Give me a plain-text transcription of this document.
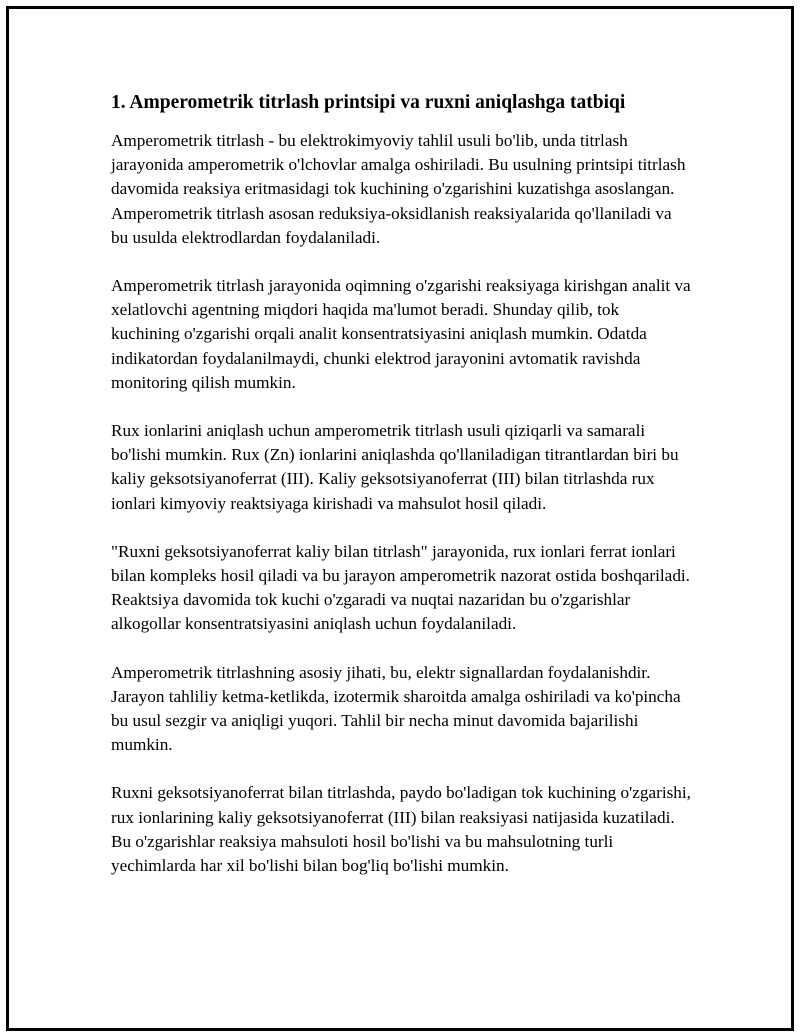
1. Amperometrik titrlash printsipi va ruxni aniqlashga tatbiqi

Amperometrik titrlash - bu elektrokimyoviy tahlil usuli bo'lib, unda titrlash jarayonida amperometrik o'lchovlar amalga oshiriladi. Bu usulning printsipi titrlash davomida reaksiya eritmasidagi tok kuchining o'zgarishini kuzatishga asoslangan. Amperometrik titrlash asosan reduksiya-oksidlanish reaksiyalarida qo'llaniladi va bu usulda elektrodlardan foydalaniladi.

Amperometrik titrlash jarayonida oqimning o'zgarishi reaksiyaga kirishgan analit va xelatlovchi agentning miqdori haqida ma'lumot beradi. Shunday qilib, tok kuchining o'zgarishi orqali analit konsentratsiyasini aniqlash mumkin. Odatda indikatordan foydalanilmaydi, chunki elektrod jarayonini avtomatik ravishda monitoring qilish mumkin.

Rux ionlarini aniqlash uchun amperometrik titrlash usuli qiziqarli va samarali bo'lishi mumkin. Rux (Zn) ionlarini aniqlashda qo'llaniladigan titrantlardan biri bu kaliy geksotsiyanoferrat (III). Kaliy geksotsiyanoferrat (III) bilan titrlashda rux ionlari kimyoviy reaktsiyaga kirishadi va mahsulot hosil qiladi.

"Ruxni geksotsiyanoferrat kaliy bilan titrlash" jarayonida, rux ionlari ferrat ionlari bilan kompleks hosil qiladi va bu jarayon amperometrik nazorat ostida boshqariladi. Reaktsiya davomida tok kuchi o'zgaradi va nuqtai nazaridan bu o'zgarishlar alkogollar konsentratsiyasini aniqlash uchun foydalaniladi.

Amperometrik titrlashning asosiy jihati, bu, elektr signallardan foydalanishdir. Jarayon tahliliy ketma-ketlikda, izotermik sharoitda amalga oshiriladi va ko'pincha bu usul sezgir va aniqligi yuqori. Tahlil bir necha minut davomida bajarilishi mumkin.

Ruxni geksotsiyanoferrat bilan titrlashda, paydo bo'ladigan tok kuchining o'zgarishi, rux ionlarining kaliy geksotsiyanoferrat (III) bilan reaksiyasi natijasida kuzatiladi. Bu o'zgarishlar reaksiya mahsuloti hosil bo'lishi va bu mahsulotning turli yechimlarda har xil bo'lishi bilan bog'liq bo'lishi mumkin.
